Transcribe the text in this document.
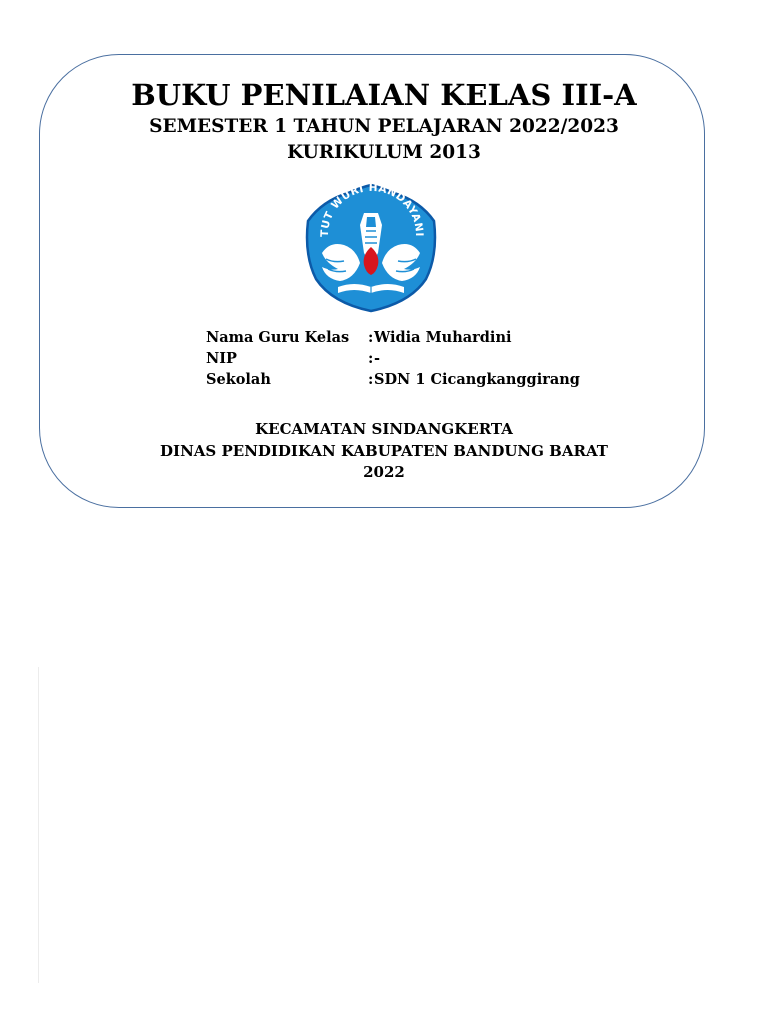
BUKU PENILAIAN KELAS III-A
SEMESTER 1 TAHUN PELAJARAN 2022/2023
KURIKULUM 2013
TUT WURI HANDAYANI
Nama Guru Kelas : Widia Muhardini
NIP	: -
Sekolah	: SDN 1 Cicangkanggirang
KECAMATAN SINDANGKERTA
DINAS PENDIDIKAN KABUPATEN BANDUNG BARAT
2022
